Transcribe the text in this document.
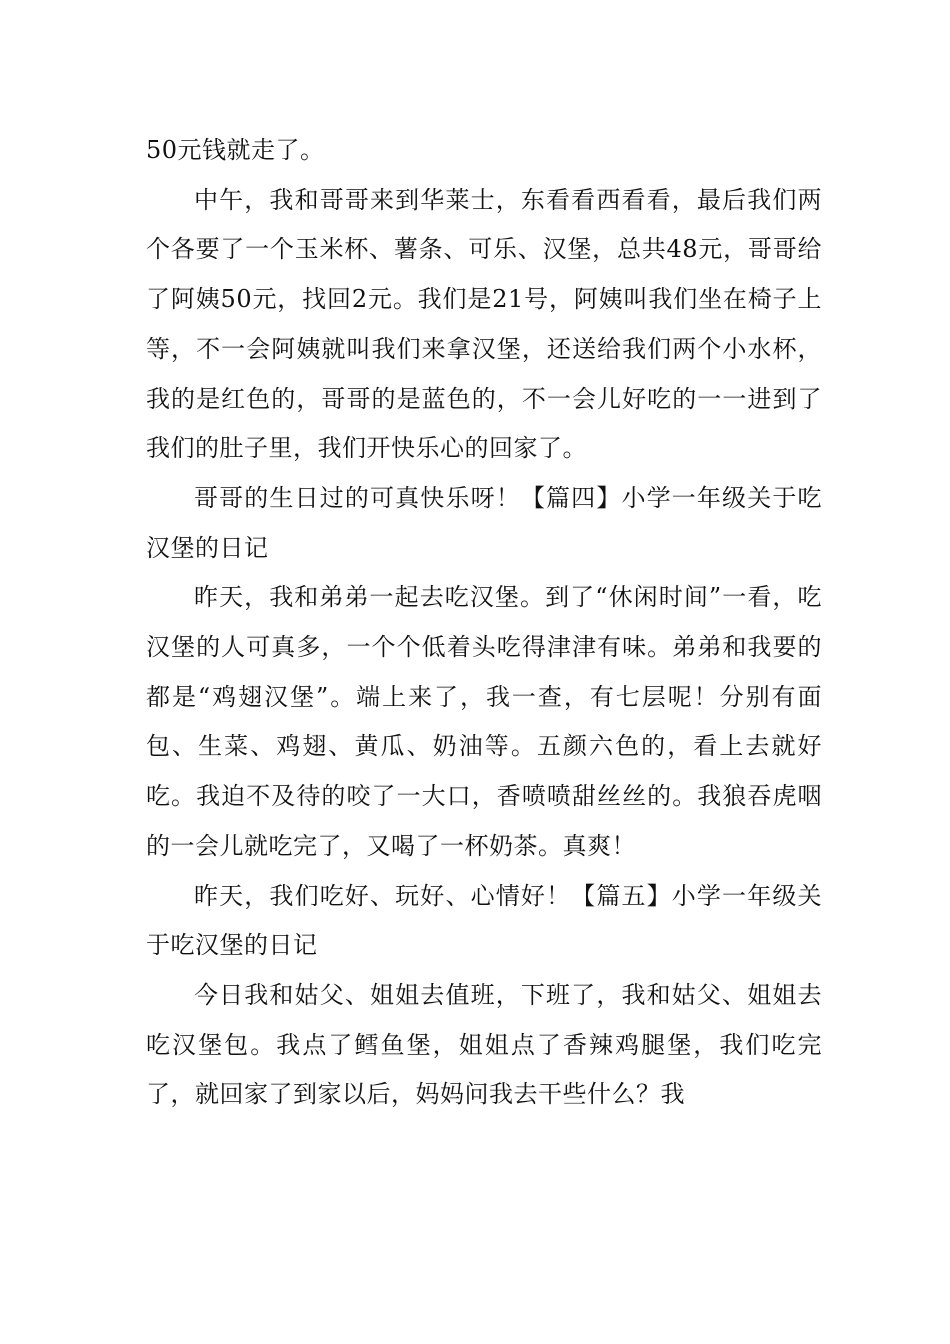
50元钱就走了。

中午，我和哥哥来到华莱士，东看看西看看，最后我们两个各要了一个玉米杯、薯条、可乐、汉堡，总共48元，哥哥给了阿姨50元，找回2元。我们是21号，阿姨叫我们坐在椅子上等，不一会阿姨就叫我们来拿汉堡，还送给我们两个小水杯，我的是红色的，哥哥的是蓝色的，不一会儿好吃的一一进到了我们的肚子里，我们开快乐心的回家了。

哥哥的生日过的可真快乐呀！【篇四】小学一年级关于吃汉堡的日记

昨天，我和弟弟一起去吃汉堡。到了“休闲时间”一看，吃汉堡的人可真多，一个个低着头吃得津津有味。弟弟和我要的都是“鸡翅汉堡”。端上来了，我一查，有七层呢！分别有面包、生菜、鸡翅、黄瓜、奶油等。五颜六色的，看上去就好吃。我迫不及待的咬了一大口，香喷喷甜丝丝的。我狼吞虎咽的一会儿就吃完了，又喝了一杯奶茶。真爽！

昨天，我们吃好、玩好、心情好！【篇五】小学一年级关于吃汉堡的日记

今日我和姑父、姐姐去值班，下班了，我和姑父、姐姐去吃汉堡包。我点了鳕鱼堡，姐姐点了香辣鸡腿堡，我们吃完了，就回家了到家以后，妈妈问我去干些什么？我
